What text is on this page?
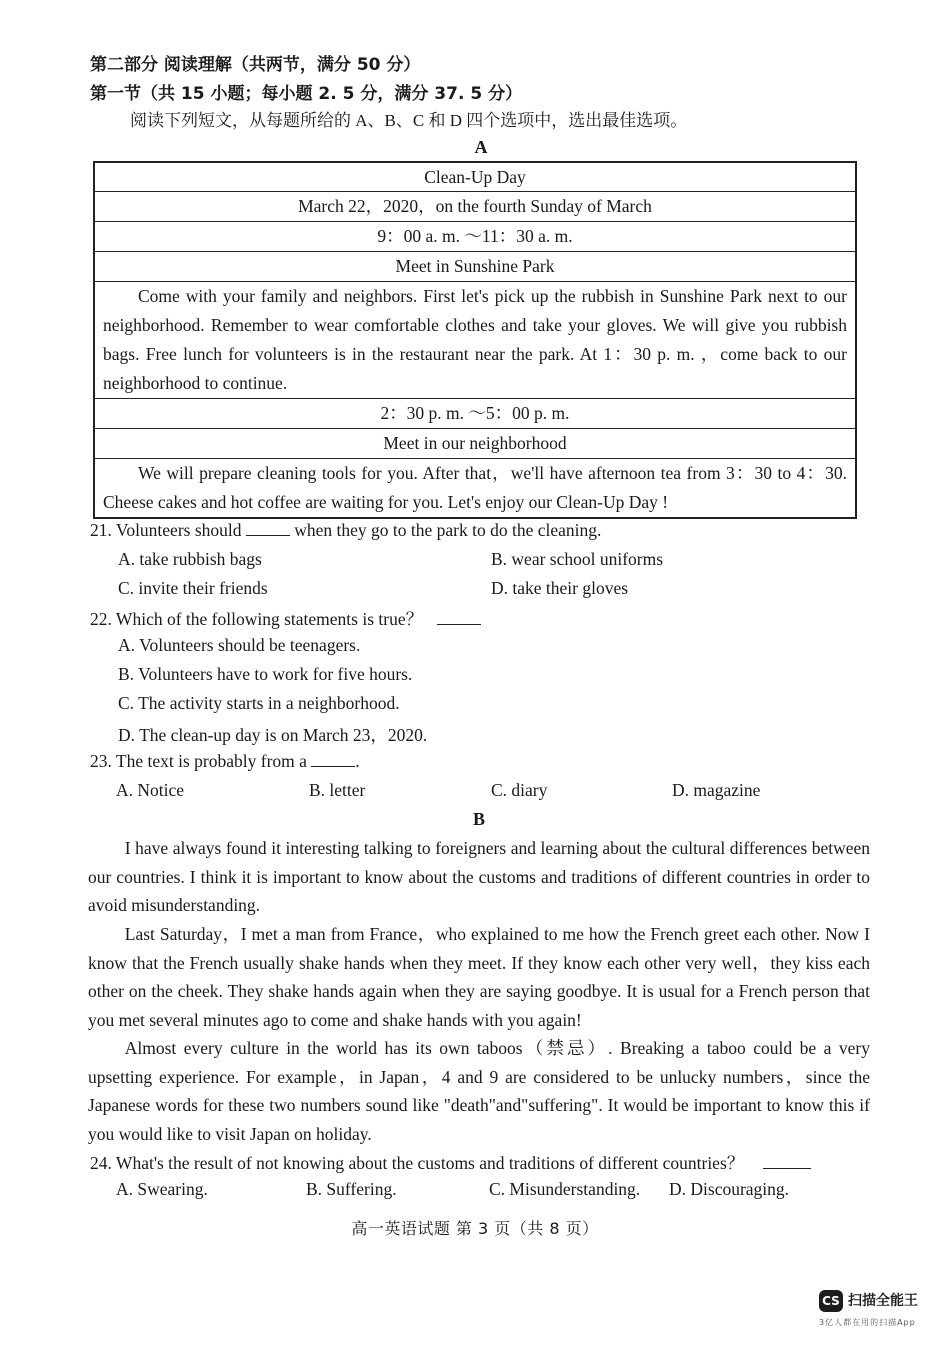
第二部分 阅读理解（共两节，满分 50 分）
第一节（共 15 小题；每小题 2. 5 分，满分 37. 5 分）
阅读下列短文，从每题所给的 A、B、C 和 D 四个选项中，选出最佳选项。
A
Clean-Up Day
March 22，2020，on the fourth Sunday of March
9：00 a. m. ～11：30 a. m.
Meet in Sunshine Park
Come with your family and neighbors. First let's pick up the rubbish in Sunshine Park next to our neighborhood. Remember to wear comfortable clothes and take your gloves. We will give you rubbish bags. Free lunch for volunteers is in the restaurant near the park. At 1：30 p. m. ，come back to our neighborhood to continue.
2：30 p. m. ～5：00 p. m.
Meet in our neighborhood
We will prepare cleaning tools for you. After that，we'll have afternoon tea from 3：30 to 4：30. Cheese cakes and hot coffee are waiting for you. Let's enjoy our Clean-Up Day !
21. Volunteers should	when they go to the park to do the cleaning.
A. take rubbish bags	B. wear school uniforms
C. invite their friends	D. take their gloves
22. Which of the following statements is true？
A. Volunteers should be teenagers.
B. Volunteers have to work for five hours.
C. The activity starts in a neighborhood.
D. The clean-up day is on March 23，2020.
23. The text is probably from a	.
A. Notice	B. letter	C. diary	D. magazine
B
I have always found it interesting talking to foreigners and learning about the cultural differences between our countries. I think it is important to know about the customs and traditions of different countries in order to avoid misunderstanding.
Last Saturday，I met a man from France，who explained to me how the French greet each other. Now I know that the French usually shake hands when they meet. If they know each other very well，they kiss each other on the cheek. They shake hands again when they are saying goodbye. It is usual for a French person that you met several minutes ago to come and shake hands with you again!
Almost every culture in the world has its own taboos（禁忌）. Breaking a taboo could be a very upsetting experience. For example，in Japan，4 and 9 are considered to be unlucky numbers，since the Japanese words for these two numbers sound like "death"and"suffering". It would be important to know this if you would like to visit Japan on holiday.
24. What's the result of not knowing about the customs and traditions of different countries？
A. Swearing.	B. Suffering.	C. Misunderstanding. D. Discouraging.
高一英语试题 第 3 页（共 8 页）
CS 扫描全能王
3亿人都在用的扫描App
